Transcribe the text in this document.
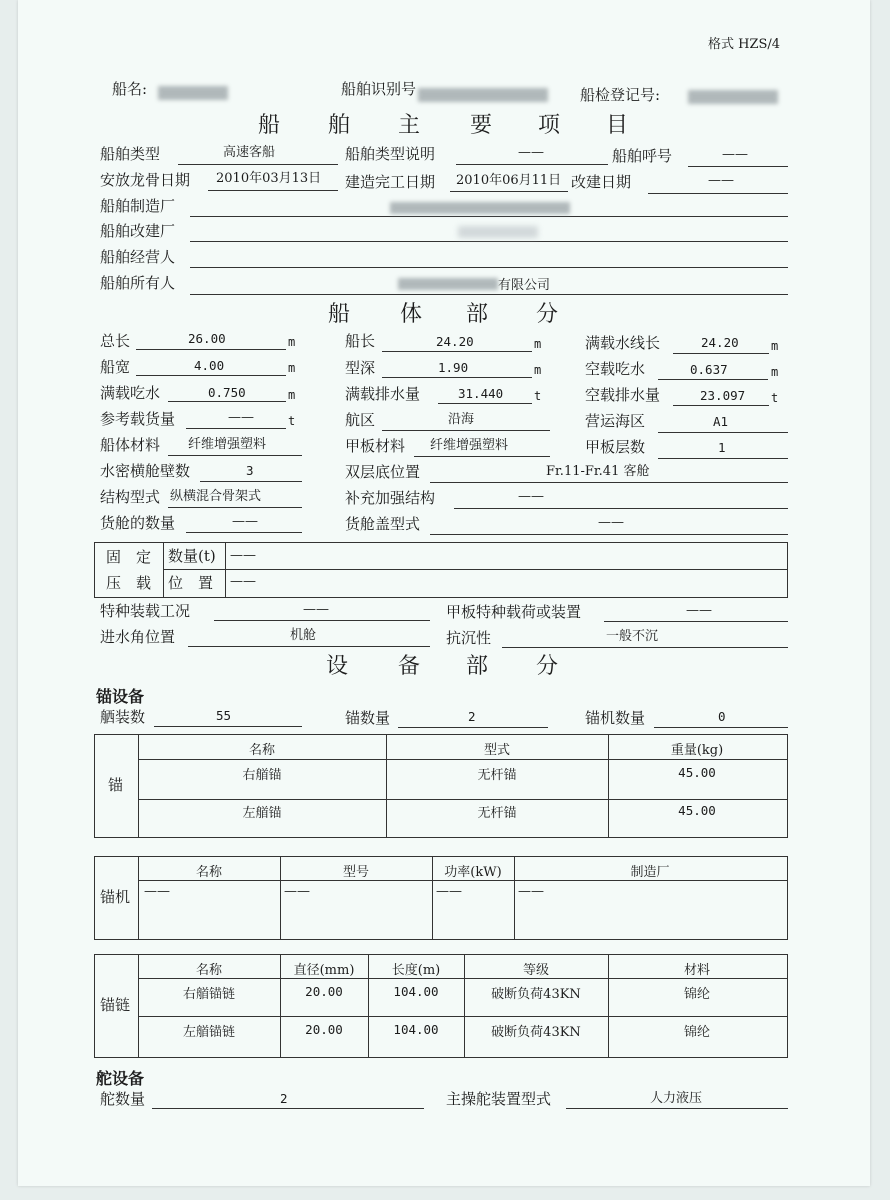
格式 HZS/4
船名:	船舶识别号	船检登记号:
船 舶 主 要 项 目
船舶类型	高速客船	船舶类型说明	——	船舶呼号	——
安放龙骨日期 2010年03月13日 建造完工日期 2010年06月11日 改建日期	——
船舶制造厂
船舶改建厂
船舶经营人
船舶所有人	有限公司
船 体 部 分
总长	26.00	m	船长	24.20	m	满载水线长	24.20	m
船宽	4.00	m	型深	1.90	m	空载吃水	0.637	m
满载吃水	0.750	m	满载排水量	31.440	t	空载排水量	23.097 t
参考载货量	——	t	航区	沿海	营运海区	A1
船体材料 纤维增强塑料	甲板材料 纤维增强塑料	甲板层数	1
水密横舱壁数	3	双层底位置	Fr.11-Fr.41 客舱
结构型式 纵横混合骨架式	补充加强结构	——
货舱的数量	——	货舱盖型式	——
固　定
压　载
数量(t) ——
位　置 ——
特种装载工况	——	甲板特种载荷或装置	——
进水角位置	机舱	抗沉性	一般不沉
设 备 部 分
锚设备
舾装数	55	锚数量	2	锚机数量	0
锚
名称	型式	重量(kg)
右艏锚	无杆锚	45.00
左艏锚	无杆锚	45.00
锚机
名称	型号	功率(kW)	制造厂
——	——	——	——
锚链
名称	直径(mm)	长度(m)	等级	材料
右艏锚链	20.00	104.00	破断负荷43KN	锦纶
左艏锚链	20.00	104.00	破断负荷43KN	锦纶
舵设备
舵数量	2	主操舵装置型式	人力液压
